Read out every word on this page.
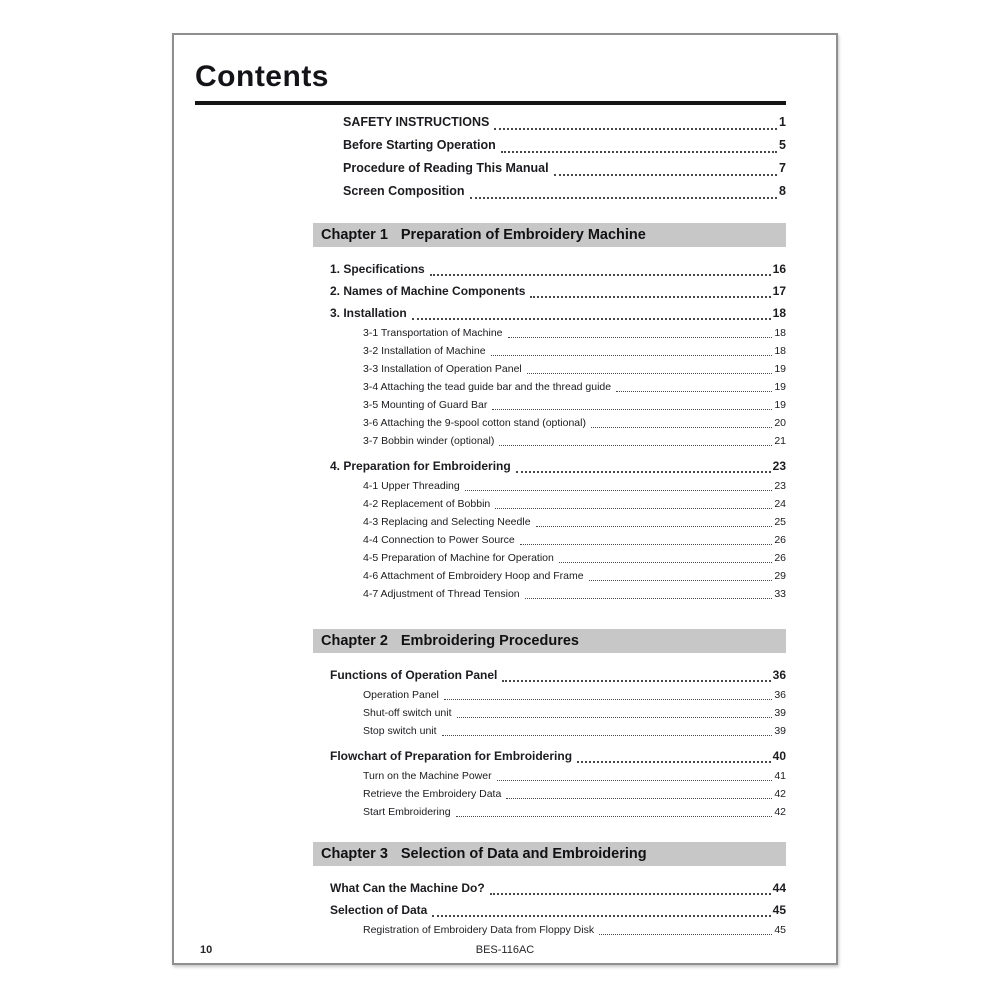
Contents
SAFETY INSTRUCTIONS	1
Before Starting Operation	5
Procedure of Reading This Manual	7
Screen Composition	8
Chapter 1 Preparation of Embroidery Machine
1. Specifications	16
2. Names of Machine Components	17
3. Installation	18
3-1 Transportation of Machine	18
3-2 Installation of Machine	18
3-3 Installation of Operation Panel	19
3-4 Attaching the tead guide bar and the thread guide	19
3-5 Mounting of Guard Bar	19
3-6 Attaching the 9-spool cotton stand (optional)	20
3-7 Bobbin winder (optional)	21
4. Preparation for Embroidering	23
4-1 Upper Threading	23
4-2 Replacement of Bobbin	24
4-3 Replacing and Selecting Needle	25
4-4 Connection to Power Source	26
4-5 Preparation of Machine for Operation	26
4-6 Attachment of Embroidery Hoop and Frame	29
4-7 Adjustment of Thread Tension	33
Chapter 2 Embroidering Procedures
Functions of Operation Panel	36
Operation Panel	36
Shut-off switch unit	39
Stop switch unit	39
Flowchart of Preparation for Embroidering	40
Turn on the Machine Power	41
Retrieve the Embroidery Data	42
Start Embroidering	42
Chapter 3 Selection of Data and Embroidering
What Can the Machine Do?	44
Selection of Data	45
Registration of Embroidery Data from Floppy Disk	45
10	BES-116AC
